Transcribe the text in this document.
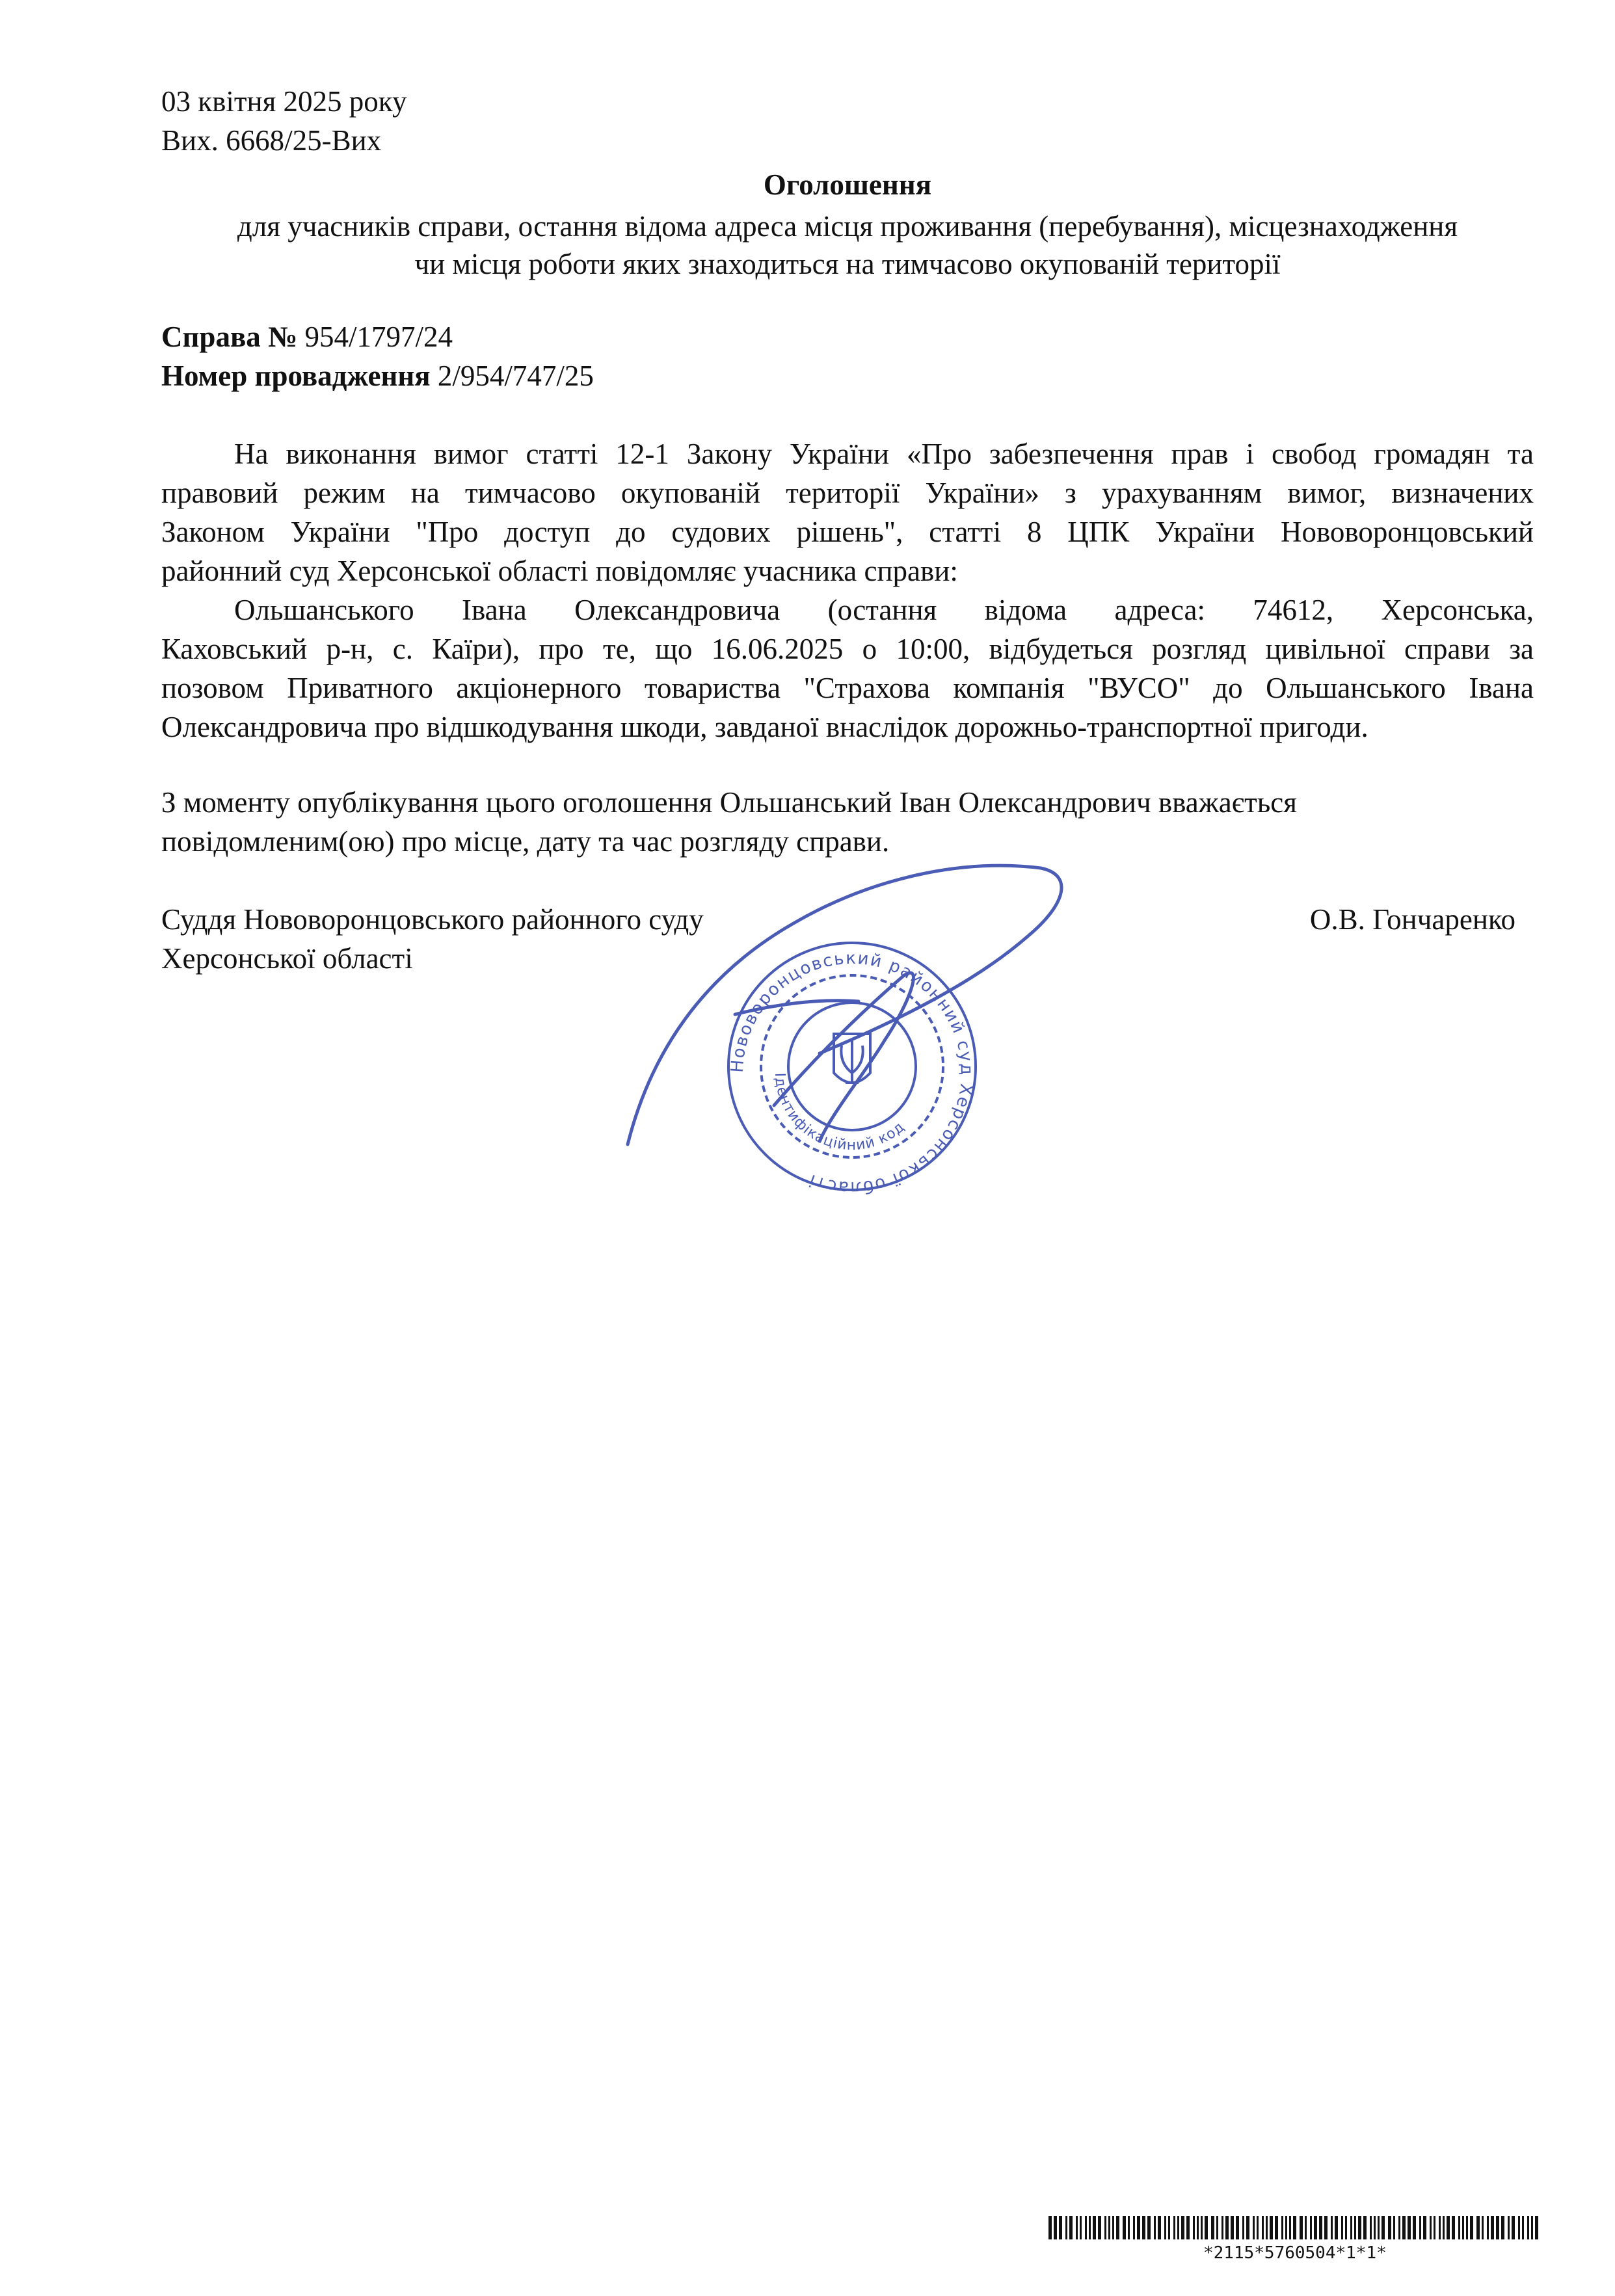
03 квітня 2025 року
Вих. 6668/25-Вих
Оголошення
для учасників справи, остання відома адреса місця проживання (перебування), місцезнаходження
чи місця роботи яких знаходиться на тимчасово окупованій території
Справа № 954/1797/24
Номер провадження 2/954/747/25
На виконання вимог статті 12-1 Закону України «Про забезпечення прав і свобод громадян та
правовий режим на тимчасово окупованій території України» з урахуванням вимог, визначених
Законом України "Про доступ до судових рішень", статті 8 ЦПК України Нововоронцовський
районний суд Херсонської області повідомляє учасника справи:
Ольшанського Івана Олександровича (остання відома адреса: 74612, Херсонська,
Каховський р-н, с. Каїри), про те, що 16.06.2025 о 10:00, відбудеться розгляд цивільної справи за
позовом Приватного акціонерного товариства "Страхова компанія "ВУСО" до Ольшанського Івана
Олександровича про відшкодування шкоди, завданої внаслідок дорожньо-транспортної пригоди.
З моменту опублікування цього оголошення Ольшанський Іван Олександрович вважається
повідомленим(ою) про місце, дату та час розгляду справи.
Суддя Нововоронцовського районного суду
Херсонської області
О.В. Гончаренко
Нововоронцовський районний суд Херсонської області
Ідентифікаційний код
*2115*5760504*1*1*
